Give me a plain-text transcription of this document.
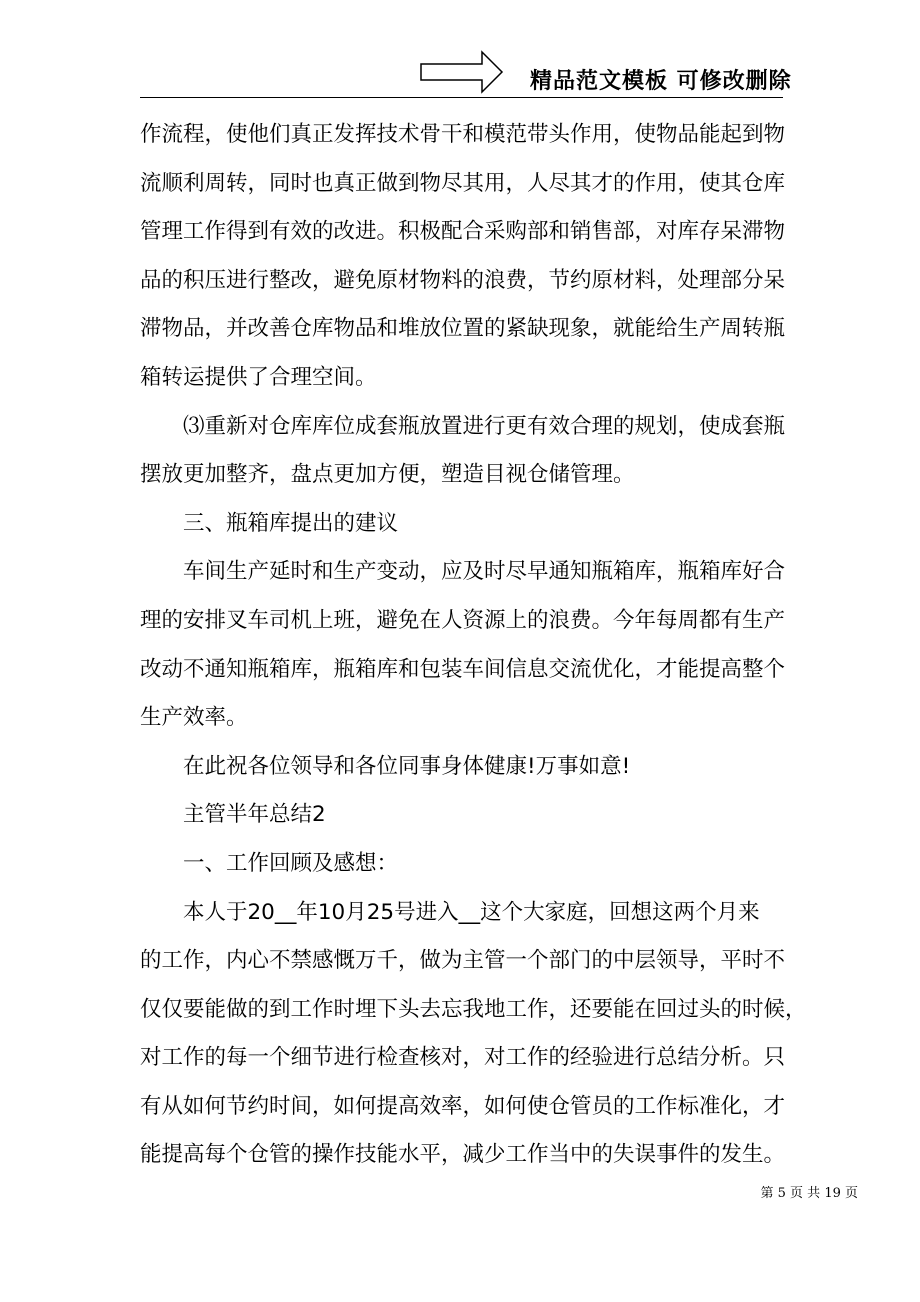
精品范文模板 可修改删除
作流程，使他们真正发挥技术骨干和模范带头作用，使物品能起到物
流顺利周转，同时也真正做到物尽其用，人尽其才的作用，使其仓库
管理工作得到有效的改进。积极配合采购部和销售部，对库存呆滞物
品的积压进行整改，避免原材物料的浪费，节约原材料，处理部分呆
滞物品，并改善仓库物品和堆放位置的紧缺现象，就能给生产周转瓶
箱转运提供了合理空间。
⑶重新对仓库库位成套瓶放置进行更有效合理的规划，使成套瓶
摆放更加整齐，盘点更加方便，塑造目视仓储管理。
三、瓶箱库提出的建议
车间生产延时和生产变动，应及时尽早通知瓶箱库，瓶箱库好合
理的安排叉车司机上班，避免在人资源上的浪费。今年每周都有生产
改动不通知瓶箱库，瓶箱库和包装车间信息交流优化，才能提高整个
生产效率。
在此祝各位领导和各位同事身体健康!万事如意!
主管半年总结2
一、工作回顾及感想：
本人于20__年10月25号进入__这个大家庭，回想这两个月来
的工作，内心不禁感慨万千，做为主管一个部门的中层领导，平时不
仅仅要能做的到工作时埋下头去忘我地工作，还要能在回过头的时候，
对工作的每一个细节进行检查核对，对工作的经验进行总结分析。只
有从如何节约时间，如何提高效率，如何使仓管员的工作标准化，才
能提高每个仓管的操作技能水平，减少工作当中的失误事件的发生。
第 5 页 共 19 页
